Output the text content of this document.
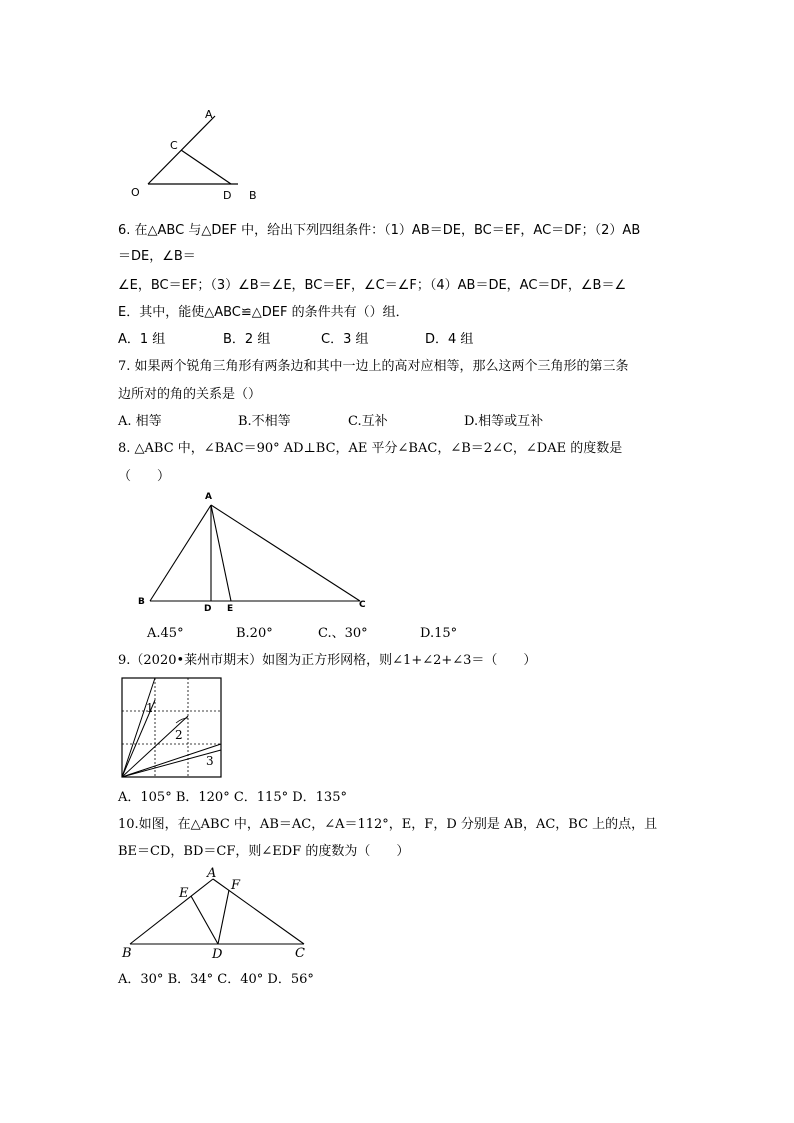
A
C
O	D B
6. 在△ABC 与△DEF 中，给出下列四组条件：（1）AB＝DE，BC＝EF，AC＝DF；（2）AB
＝DE，∠B＝
∠E，BC＝EF；（3）∠B＝∠E，BC＝EF，∠C＝∠F；（4）AB＝DE，AC＝DF，∠B＝∠
E．其中，能使△ABC≌△DEF 的条件共有（）组．
A．1 组	B．2 组	C．3 组	D．4 组
7. 如果两个锐角三角形有两条边和其中一边上的高对应相等，那么这两个三角形的第三条
边所对的角的关系是（）
A. 相等	B.不相等	C.互补	D.相等或互补
8. △ABC 中，∠BAC＝90° AD⊥BC，AE 平分∠BAC，∠B＝2∠C，∠DAE 的度数是
（　　）
A
B
D E	C
A.45°	B.20°	C.、30°	D.15°
9.（2020•莱州市期末）如图为正方形网格，则∠1+∠2+∠3＝（　　）
1
2
3
A．105° B．120° C．115° D．135°
10.如图，在△ABC 中，AB＝AC，∠A＝112°，E，F，D 分别是 AB，AC，BC 上的点，且
BE＝CD，BD＝CF，则∠EDF 的度数为（　　）
A
E
F
B	D	C
A．30° B．34° C．40° D．56°
